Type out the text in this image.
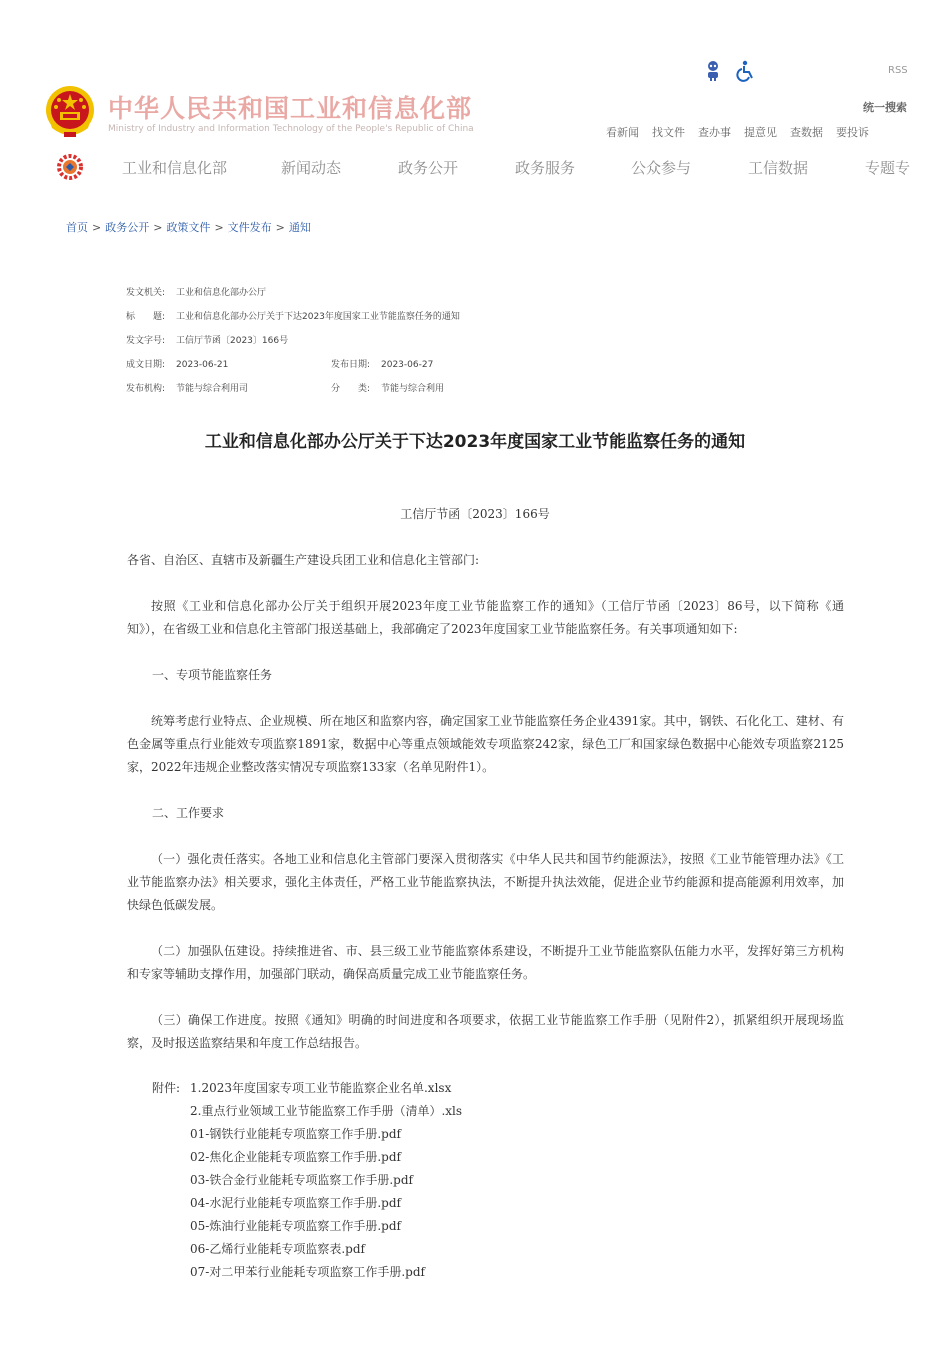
中华人民共和国工业和信息化部
Ministry of Industry and Information Technology of the People's Republic of China
RSS
统一搜索
看新闻 找文件 查办事 提意见 查数据 要投诉
工业和信息化部	新闻动态	政务公开	政务服务	公众参与	工信数据	专题专
首页 > 政务公开 > 政策文件 > 文件发布 > 通知
发文机关: 工业和信息化部办公厅
标　　题: 工业和信息化部办公厅关于下达2023年度国家工业节能监察任务的通知
发文字号: 工信厅节函〔2023〕166号
成文日期: 2023-06-21	发布日期: 2023-06-27
发布机构: 节能与综合利用司	分　　类: 节能与综合利用
工业和信息化部办公厅关于下达2023年度国家工业节能监察任务的通知
工信厅节函〔2023〕166号
各省、自治区、直辖市及新疆生产建设兵团工业和信息化主管部门:
按照《工业和信息化部办公厅关于组织开展2023年度工业节能监察工作的通知》（工信厅节函〔2023〕86号，以下简称《通知》），在省级工业和信息化主管部门报送基础上，我部确定了2023年度国家工业节能监察任务。有关事项通知如下:
一、专项节能监察任务
统筹考虑行业特点、企业规模、所在地区和监察内容，确定国家工业节能监察任务企业4391家。其中，钢铁、石化化工、建材、有色金属等重点行业能效专项监察1891家，数据中心等重点领域能效专项监察242家，绿色工厂和国家绿色数据中心能效专项监察2125家，2022年违规企业整改落实情况专项监察133家（名单见附件1）。
二、工作要求
（一）强化责任落实。各地工业和信息化主管部门要深入贯彻落实《中华人民共和国节约能源法》，按照《工业节能管理办法》《工业节能监察办法》相关要求，强化主体责任，严格工业节能监察执法，不断提升执法效能，促进企业节约能源和提高能源利用效率，加快绿色低碳发展。
（二）加强队伍建设。持续推进省、市、县三级工业节能监察体系建设，不断提升工业节能监察队伍能力水平，发挥好第三方机构和专家等辅助支撑作用，加强部门联动，确保高质量完成工业节能监察任务。
（三）确保工作进度。按照《通知》明确的时间进度和各项要求，依据工业节能监察工作手册（见附件2），抓紧组织开展现场监察，及时报送监察结果和年度工作总结报告。
附件: 1.2023年度国家专项工业节能监察企业名单.xlsx
2.重点行业领域工业节能监察工作手册（清单）.xls
01-钢铁行业能耗专项监察工作手册.pdf
02-焦化企业能耗专项监察工作手册.pdf
03-铁合金行业能耗专项监察工作手册.pdf
04-水泥行业能耗专项监察工作手册.pdf
05-炼油行业能耗专项监察工作手册.pdf
06-乙烯行业能耗专项监察表.pdf
07-对二甲苯行业能耗专项监察工作手册.pdf
